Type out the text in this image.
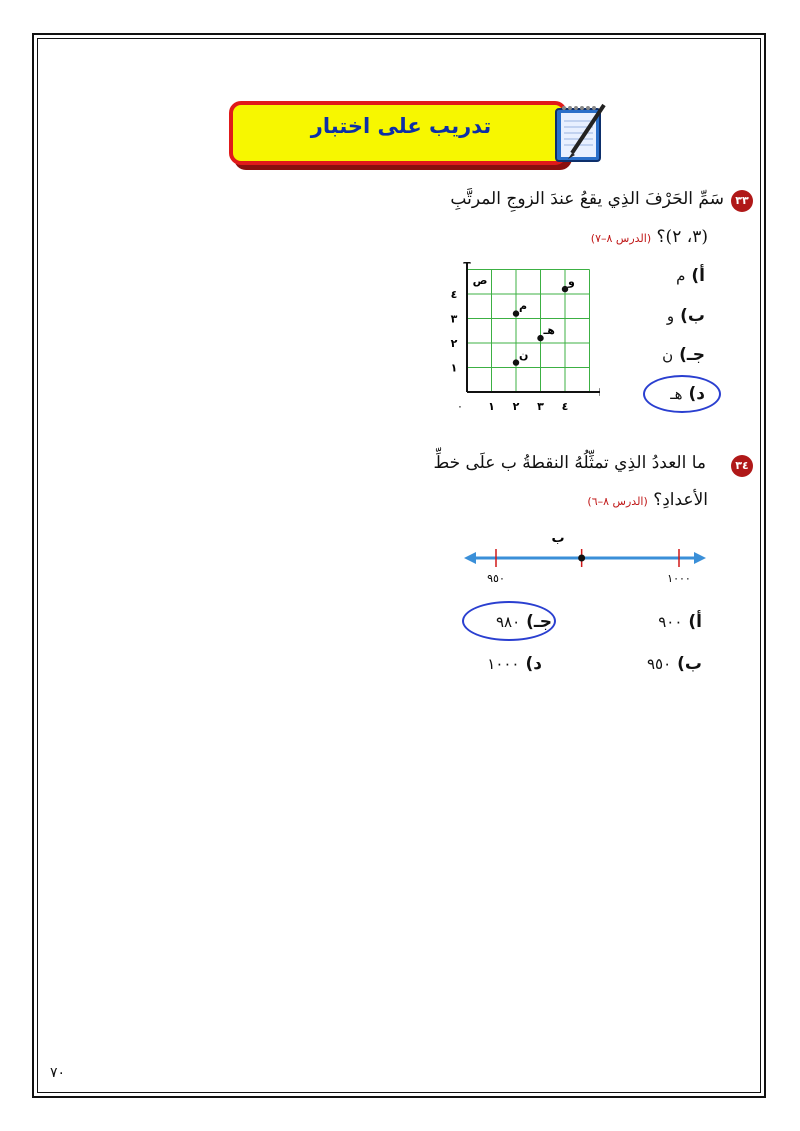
تدريب على اختبار
٣٣
سَمِّ الحَرْفَ الذِي يقعُ عندَ الزوجِ المرتَّبِ
(٣، ٢)؟ (الدرس ٨–٧)
أ)م
ب)و
جـ)ن
د)هـ
١ ٢ ٣ ٤
١
٢
٣
٤
و
م
هـ
ن
٠
ص
٣٤
ما العددُ الذِي تمثِّلُهُ النقطةُ ب علَى خطِّ
الأعدادِ؟ (الدرس ٨–٦)
٩٥٠	١٠٠٠
ب
أ)٩٠٠
ب)٩٥٠
جـ)٩٨٠
د)١٠٠٠
٧٠
